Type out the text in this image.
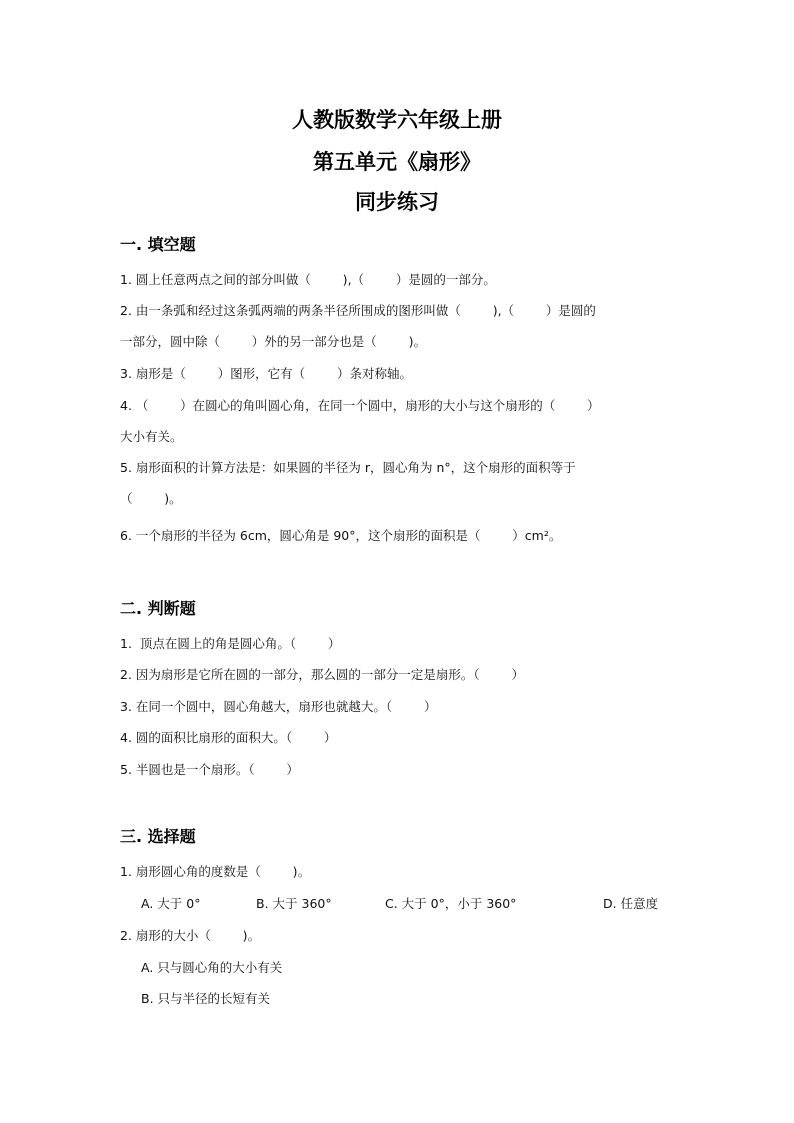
人教版数学六年级上册
第五单元《扇形》
同步练习
一. 填空题
1. 圆上任意两点之间的部分叫做（        ),（        ）是圆的一部分。
2. 由一条弧和经过这条弧两端的两条半径所围成的图形叫做（        ),（        ）是圆的
一部分，圆中除（        ）外的另一部分也是（        )。
3. 扇形是（        ）图形，它有（        ）条对称轴。
4. （        ）在圆心的角叫圆心角，在同一个圆中，扇形的大小与这个扇形的（        ）
大小有关。
5. 扇形面积的计算方法是：如果圆的半径为 r，圆心角为 n°，这个扇形的面积等于
（        )。
6. 一个扇形的半径为 6cm，圆心角是 90°，这个扇形的面积是（        ）cm²。
二. 判断题
1.  顶点在圆上的角是圆心角。（        ）
2. 因为扇形是它所在圆的一部分，那么圆的一部分一定是扇形。（        ）
3. 在同一个圆中，圆心角越大，扇形也就越大。（        ）
4. 圆的面积比扇形的面积大。（        ）
5. 半圆也是一个扇形。（        ）
三. 选择题
1. 扇形圆心角的度数是（        )。
A. 大于 0°	B. 大于 360°	C. 大于 0°，小于 360°	D. 任意度
2. 扇形的大小（        )。
A. 只与圆心角的大小有关
B. 只与半径的长短有关
